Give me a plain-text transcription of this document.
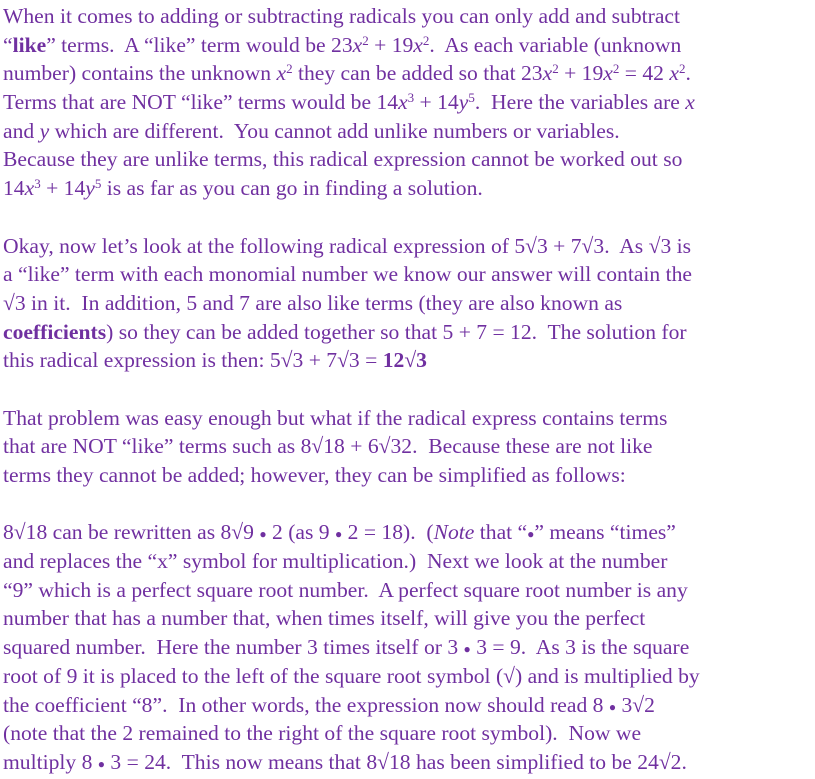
When it comes to adding or subtracting radicals you can only add and subtract
“like” terms.  A “like” term would be $23x^2 + 19x^2$.  As each variable (unknown
number) contains the unknown $x^2$ they can be added so that $23x^2 + 19x^2 = 42$ $x^2$.
Terms that are NOT “like” terms would be $14x^3 + 14y^5$.  Here the variables are x
and y which are different.  You cannot add unlike numbers or variables.
Because they are unlike terms, this radical expression cannot be worked out so
$14x^3 + 14y^5$ is as far as you can go in finding a solution.
Okay, now let’s look at the following radical expression of 5√3 + 7√3.  As √3 is
a “like” term with each monomial number we know our answer will contain the
√3 in it.  In addition, 5 and 7 are also like terms (they are also known as
coefficients) so they can be added together so that 5 + 7 = 12.  The solution for
this radical expression is then: 5√3 + 7√3 = 12√3
That problem was easy enough but what if the radical express contains terms
that are NOT “like” terms such as 8√18 + 6√32.  Because these are not like
terms they cannot be added; however, they can be simplified as follows:
8√18 can be rewritten as 8√9 ● 2 (as 9 ● 2 = 18).  (Note that “●” means “times”
and replaces the “x” symbol for multiplication.)  Next we look at the number
“9” which is a perfect square root number.  A perfect square root number is any
number that has a number that, when times itself, will give you the perfect
squared number.  Here the number 3 times itself or 3 ● 3 = 9.  As 3 is the square
root of 9 it is placed to the left of the square root symbol (√) and is multiplied by
the coefficient “8”.  In other words, the expression now should read 8 ● 3√2
(note that the 2 remained to the right of the square root symbol).  Now we
multiply 8 ● 3 = 24.  This now means that 8√18 has been simplified to be 24√2.
